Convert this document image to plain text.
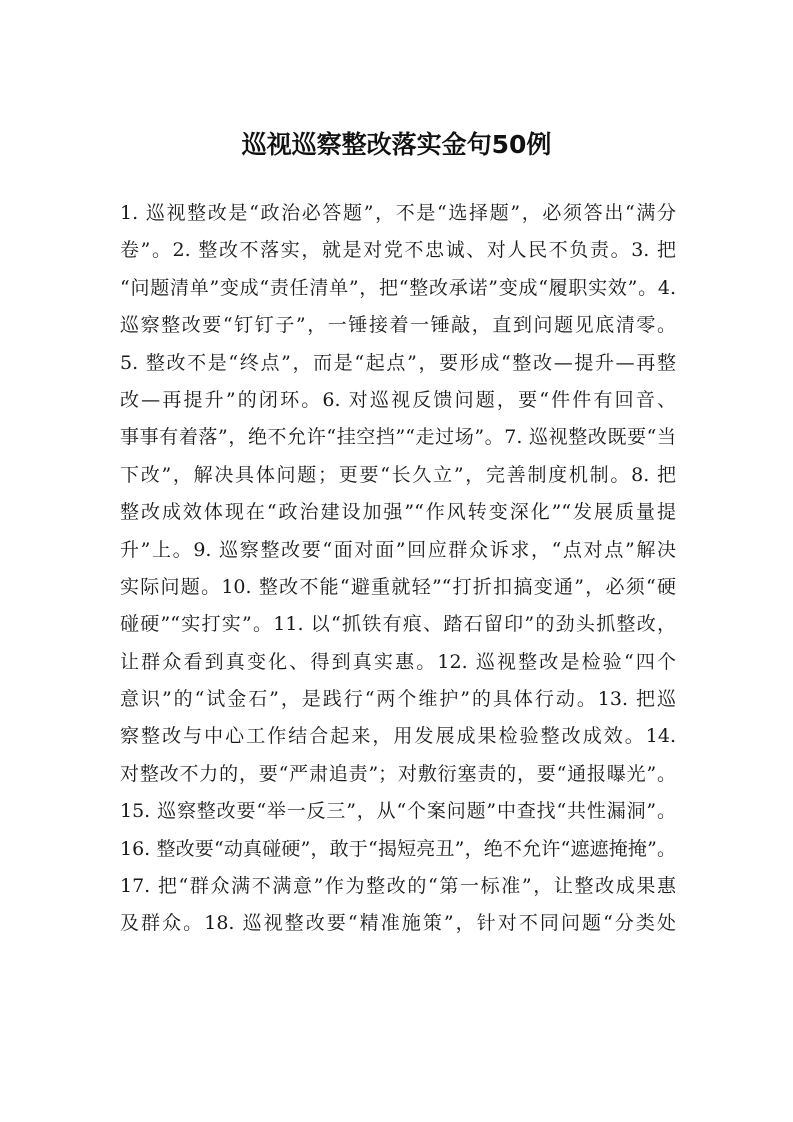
巡视巡察整改落实金句50例
1. 巡视整改是“政治必答题”，不是“选择题”，必须答出“满分
卷”。2. 整改不落实，就是对党不忠诚、对人民不负责。3. 把
“问题清单”变成“责任清单”，把“整改承诺”变成“履职实效”。4.
巡察整改要“钉钉子”，一锤接着一锤敲，直到问题见底清零。
5. 整改不是“终点”，而是“起点”，要形成“整改—提升—再整
改—再提升”的闭环。6. 对巡视反馈问题，要“件件有回音、
事事有着落”，绝不允许“挂空挡”“走过场”。7. 巡视整改既要“当
下改”，解决具体问题；更要“长久立”，完善制度机制。8. 把
整改成效体现在“政治建设加强”“作风转变深化”“发展质量提
升”上。9. 巡察整改要“面对面”回应群众诉求，“点对点”解决
实际问题。10. 整改不能“避重就轻”“打折扣搞变通”，必须“硬
碰硬”“实打实”。11. 以“抓铁有痕、踏石留印”的劲头抓整改，
让群众看到真变化、得到真实惠。12. 巡视整改是检验“四个
意识”的“试金石”，是践行“两个维护”的具体行动。13. 把巡
察整改与中心工作结合起来，用发展成果检验整改成效。14.
对整改不力的，要“严肃追责”；对敷衍塞责的，要“通报曝光”。
15. 巡察整改要“举一反三”，从“个案问题”中查找“共性漏洞”。
16. 整改要“动真碰硬”，敢于“揭短亮丑”，绝不允许“遮遮掩掩”。
17. 把“群众满不满意”作为整改的“第一标准”，让整改成果惠
及群众。18. 巡视整改要“精准施策”，针对不同问题“分类处
